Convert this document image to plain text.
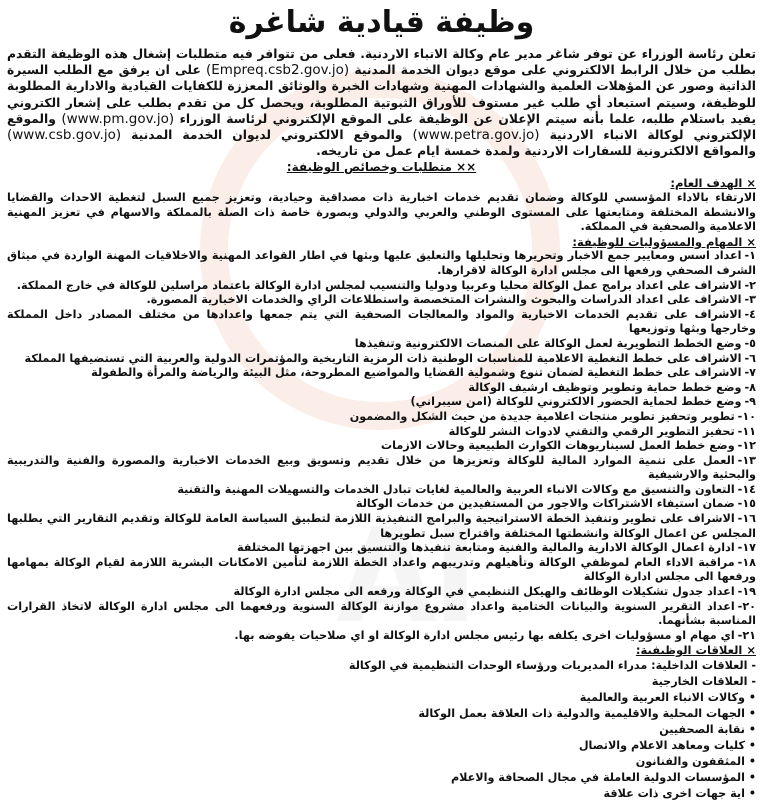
Al
وظيفة قيادية شاغرة

تعلن رئاسة الوزراء عن توفر شاغر مدير عام وكالة الانباء الاردنية. فعلى من تتوافر فيه متطلبات إشغال هذه الوظيفة التقدم بطلب من خلال الرابط الالكتروني على موقع ديوان الخدمة المدنية (Empreq.csb2.gov.jo) على ان يرفق مع الطلب السيرة الذاتية وصور عن المؤهلات العلمية والشهادات المهنية وشهادات الخبرة والوثائق المعززة للكفايات القيادية والادارية المطلوبة للوظيفة، وسيتم استبعاد أي طلب غير مستوف للأوراق الثبوتية المطلوبة، ويحصل كل من تقدم بطلب على إشعار الكتروني يفيد باستلام طلبه، علما بأنه سيتم الإعلان عن الوظيفة على الموقع الإلكتروني لرئاسة الوزراء (www.pm.gov.jo) والموقع الإلكتروني لوكالة الانباء الاردنية (www.petra.gov.jo) والموقع الالكتروني لديوان الخدمة المدنية (www.csb.gov.jo) والمواقع الالكترونية للسفارات الاردنية ولمدة خمسة ايام عمل من تاريخه.

×× متطلبات وخصائص الوظيفة:
× الهدف العام:

الارتقاء بالاداء المؤسسي للوكالة وضمان تقديم خدمات اخبارية ذات مصداقية وحيادية، وتعزيز جميع السبل لتغطية الاحداث والقضايا والانشطة المختلفة ومتابعتها على المستوى الوطني والعربي والدولي وبصورة خاصة ذات الصلة بالمملكة والاسهام في تعزيز المهنية الاعلامية والصحفية في المملكة.

× المهام والمسؤوليات للوظيفة:
١-اعداد اسس ومعايير جمع الاخبار وتحريرها وتحليلها والتعليق عليها وبثها في اطار القواعد المهنية والاخلاقيات المهنة الواردة في ميثاق الشرف الصحفي ورفعها الى مجلس ادارة الوكالة لاقرارها.
٢-الاشراف على اعداد برامج عمل الوكالة محليا وعربيا ودوليا والتنسيب لمجلس ادارة الوكالة باعتماد مراسلين للوكالة في خارج المملكة.
٣-الاشراف على اعداد الدراسات والبحوث والنشرات المتخصصة واستطلاعات الراي والخدمات الاخبارية المصورة.
٤-الاشراف على تقديم الخدمات الاخبارية والمواد والمعالجات الصحفية التي يتم جمعها واعدادها من مختلف المصادر داخل المملكة وخارجها وبثها وتوزيعها
٥-وضع الخطط التطويرية لعمل الوكالة على المنصات الالكترونية وتنفيذها
٦-الاشراف على خطط التغطية الاعلامية للمناسبات الوطنية ذات الرمزية التاريخية والمؤتمرات الدولية والعربية التي تستضيفها المملكة
٧-الاشراف على خطط التغطية لضمان تنوع وشمولية القضايا والمواضيع المطروحة، مثل البيئة والرياضة والمرأة والطفولة
٨-وضع خطط حماية وتطوير وتوظيف ارشيف الوكالة
٩-وضع خطط لحماية الحضور الالكتروني للوكالة (امن سيبراني)
١٠-تطوير وتحفيز تطوير منتجات اعلامية جديدة من حيث الشكل والمضمون
١١-تحفيز التطوير الرقمي والتقني لادوات النشر للوكالة
١٢-وضع خطط العمل لسيناريوهات الكوارث الطبيعية وحالات الازمات
١٣-العمل على تنمية الموارد المالية للوكالة وتعزيزها من خلال تقديم وتسويق وبيع الخدمات الاخبارية والمصورة والفنية والتدريبية والبحثية والارشيفية
١٤-التعاون والتنسيق مع وكالات الانباء العربية والعالمية لغايات تبادل الخدمات والتسهيلات المهنية والتقنية
١٥-ضمان استيفاء الاشتراكات والاجور من المستفيدين من خدمات الوكالة
١٦-الاشراف على تطوير وتنفيذ الخطة الاستراتيجية والبرامج التنفيذية اللازمة لتطبيق السياسة العامة للوكالة وتقديم التقارير التي يطلبها المجلس عن اعمال الوكالة وانشطتها المختلفة واقتراح سبل تطويرها
١٧-ادارة اعمال الوكالة الادارية والمالية والفنية ومتابعة تنفيذها والتنسيق بين اجهزتها المختلفة
١٨-مراقبة الاداء العام لموظفي الوكالة وتأهيلهم وتدريبهم واعداد الخطة اللازمة لتأمين الامكانات البشرية اللازمة لقيام الوكالة بمهامها ورفعها الى مجلس ادارة الوكالة
١٩-اعداد جدول تشكيلات الوظائف والهيكل التنظيمي في الوكالة ورفعه الى مجلس ادارة الوكالة
٢٠-اعداد التقرير السنوية والبيانات الختامية واعداد مشروع موازنة الوكالة السنوية ورفعهما الى مجلس ادارة الوكالة لاتخاذ القرارات المناسبة بشأنهما.
٢١-اي مهام او مسؤوليات اخرى يكلفه بها رئيس مجلس ادارة الوكالة او اي صلاحيات يفوضه بها.
× العلاقات الوظيفية:
- العلاقات الداخلية: مدراء المديريات ورؤساء الوحدات التنظيمية في الوكالة
- العلاقات الخارجية
• وكالات الانباء العربية والعالمية
• الجهات المحلية والاقليمية والدولية ذات العلاقة بعمل الوكالة
• نقابة الصحفيين
• كليات ومعاهد الاعلام والاتصال
• المثقفون والفنانون
• المؤسسات الدولية العاملة في مجال الصحافة والاعلام
• اية جهات اخرى ذات علاقة
